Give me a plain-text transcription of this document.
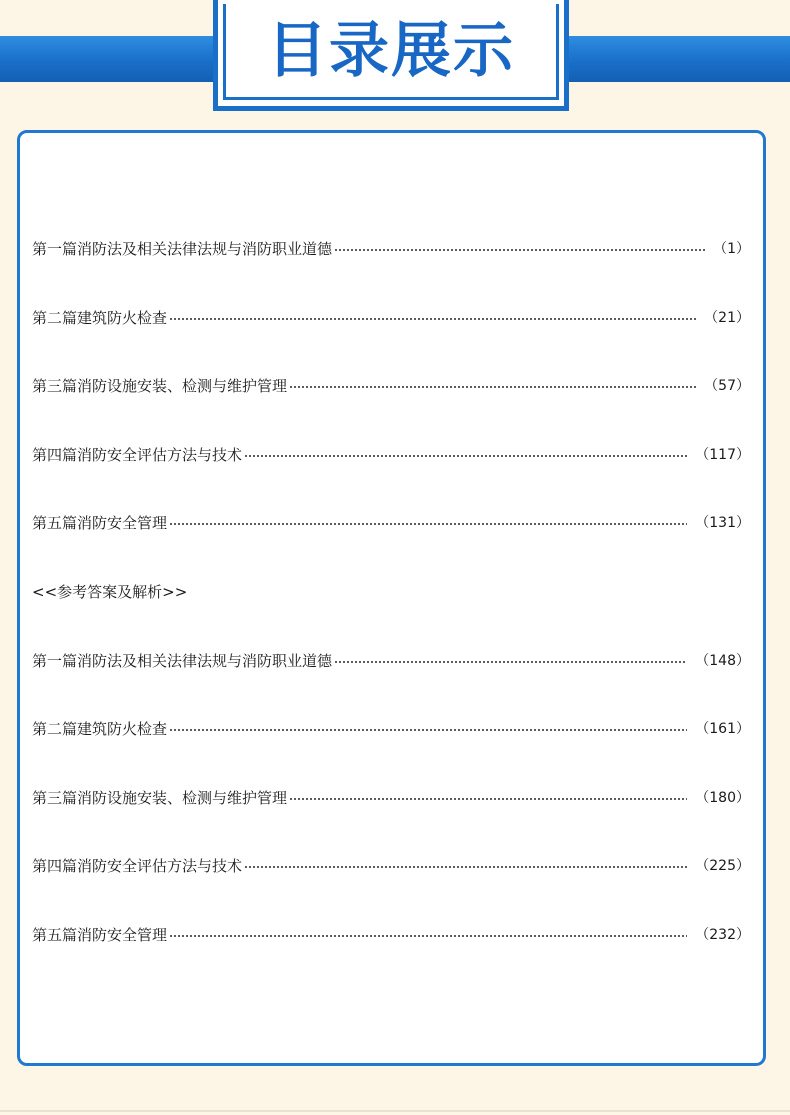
目录展示
第一篇消防法及相关法律法规与消防职业道德	（1）
第二篇建筑防火检查	（21）
第三篇消防设施安装、检测与维护管理	（57）
第四篇消防安全评估方法与技术	（117）
第五篇消防安全管理	（131）
<<参考答案及解析>>
第一篇消防法及相关法律法规与消防职业道德	（148）
第二篇建筑防火检查	（161）
第三篇消防设施安装、检测与维护管理	（180）
第四篇消防安全评估方法与技术	（225）
第五篇消防安全管理	（232）
